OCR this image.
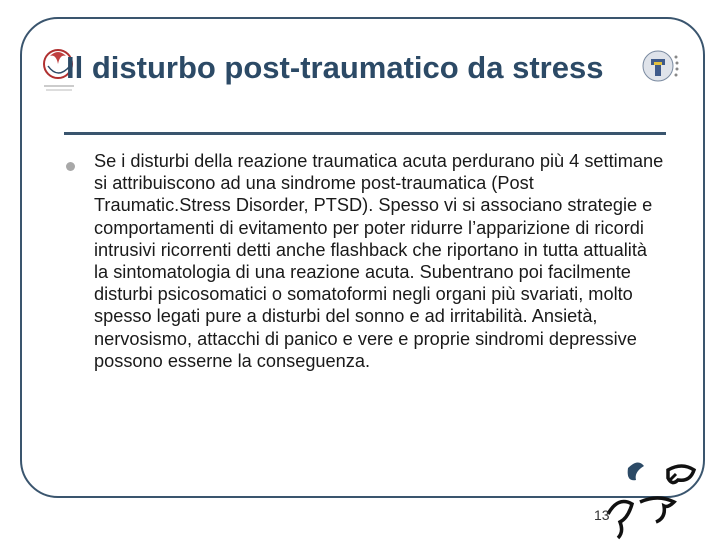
Il disturbo post-traumatico da stress

Se i disturbi della reazione traumatica acuta perdurano più 4 settimane si attribuiscono ad una sindrome post-traumatica (Post Traumatic.Stress Disorder, PTSD). Spesso vi si associano strategie e comportamenti di evitamento per poter ridurre l’apparizione di ricordi intrusivi ricorrenti detti anche flashback che riportano in tutta attualità la sintomatologia di una reazione acuta. Subentrano poi facilmente disturbi psicosomatici o somatoformi negli organi più svariati, molto spesso legati pure a disturbi del sonno e ad irritabilità. Ansietà, nervosismo, attacchi di panico e vere e proprie sindromi depressive possono esserne la conseguenza.

13
